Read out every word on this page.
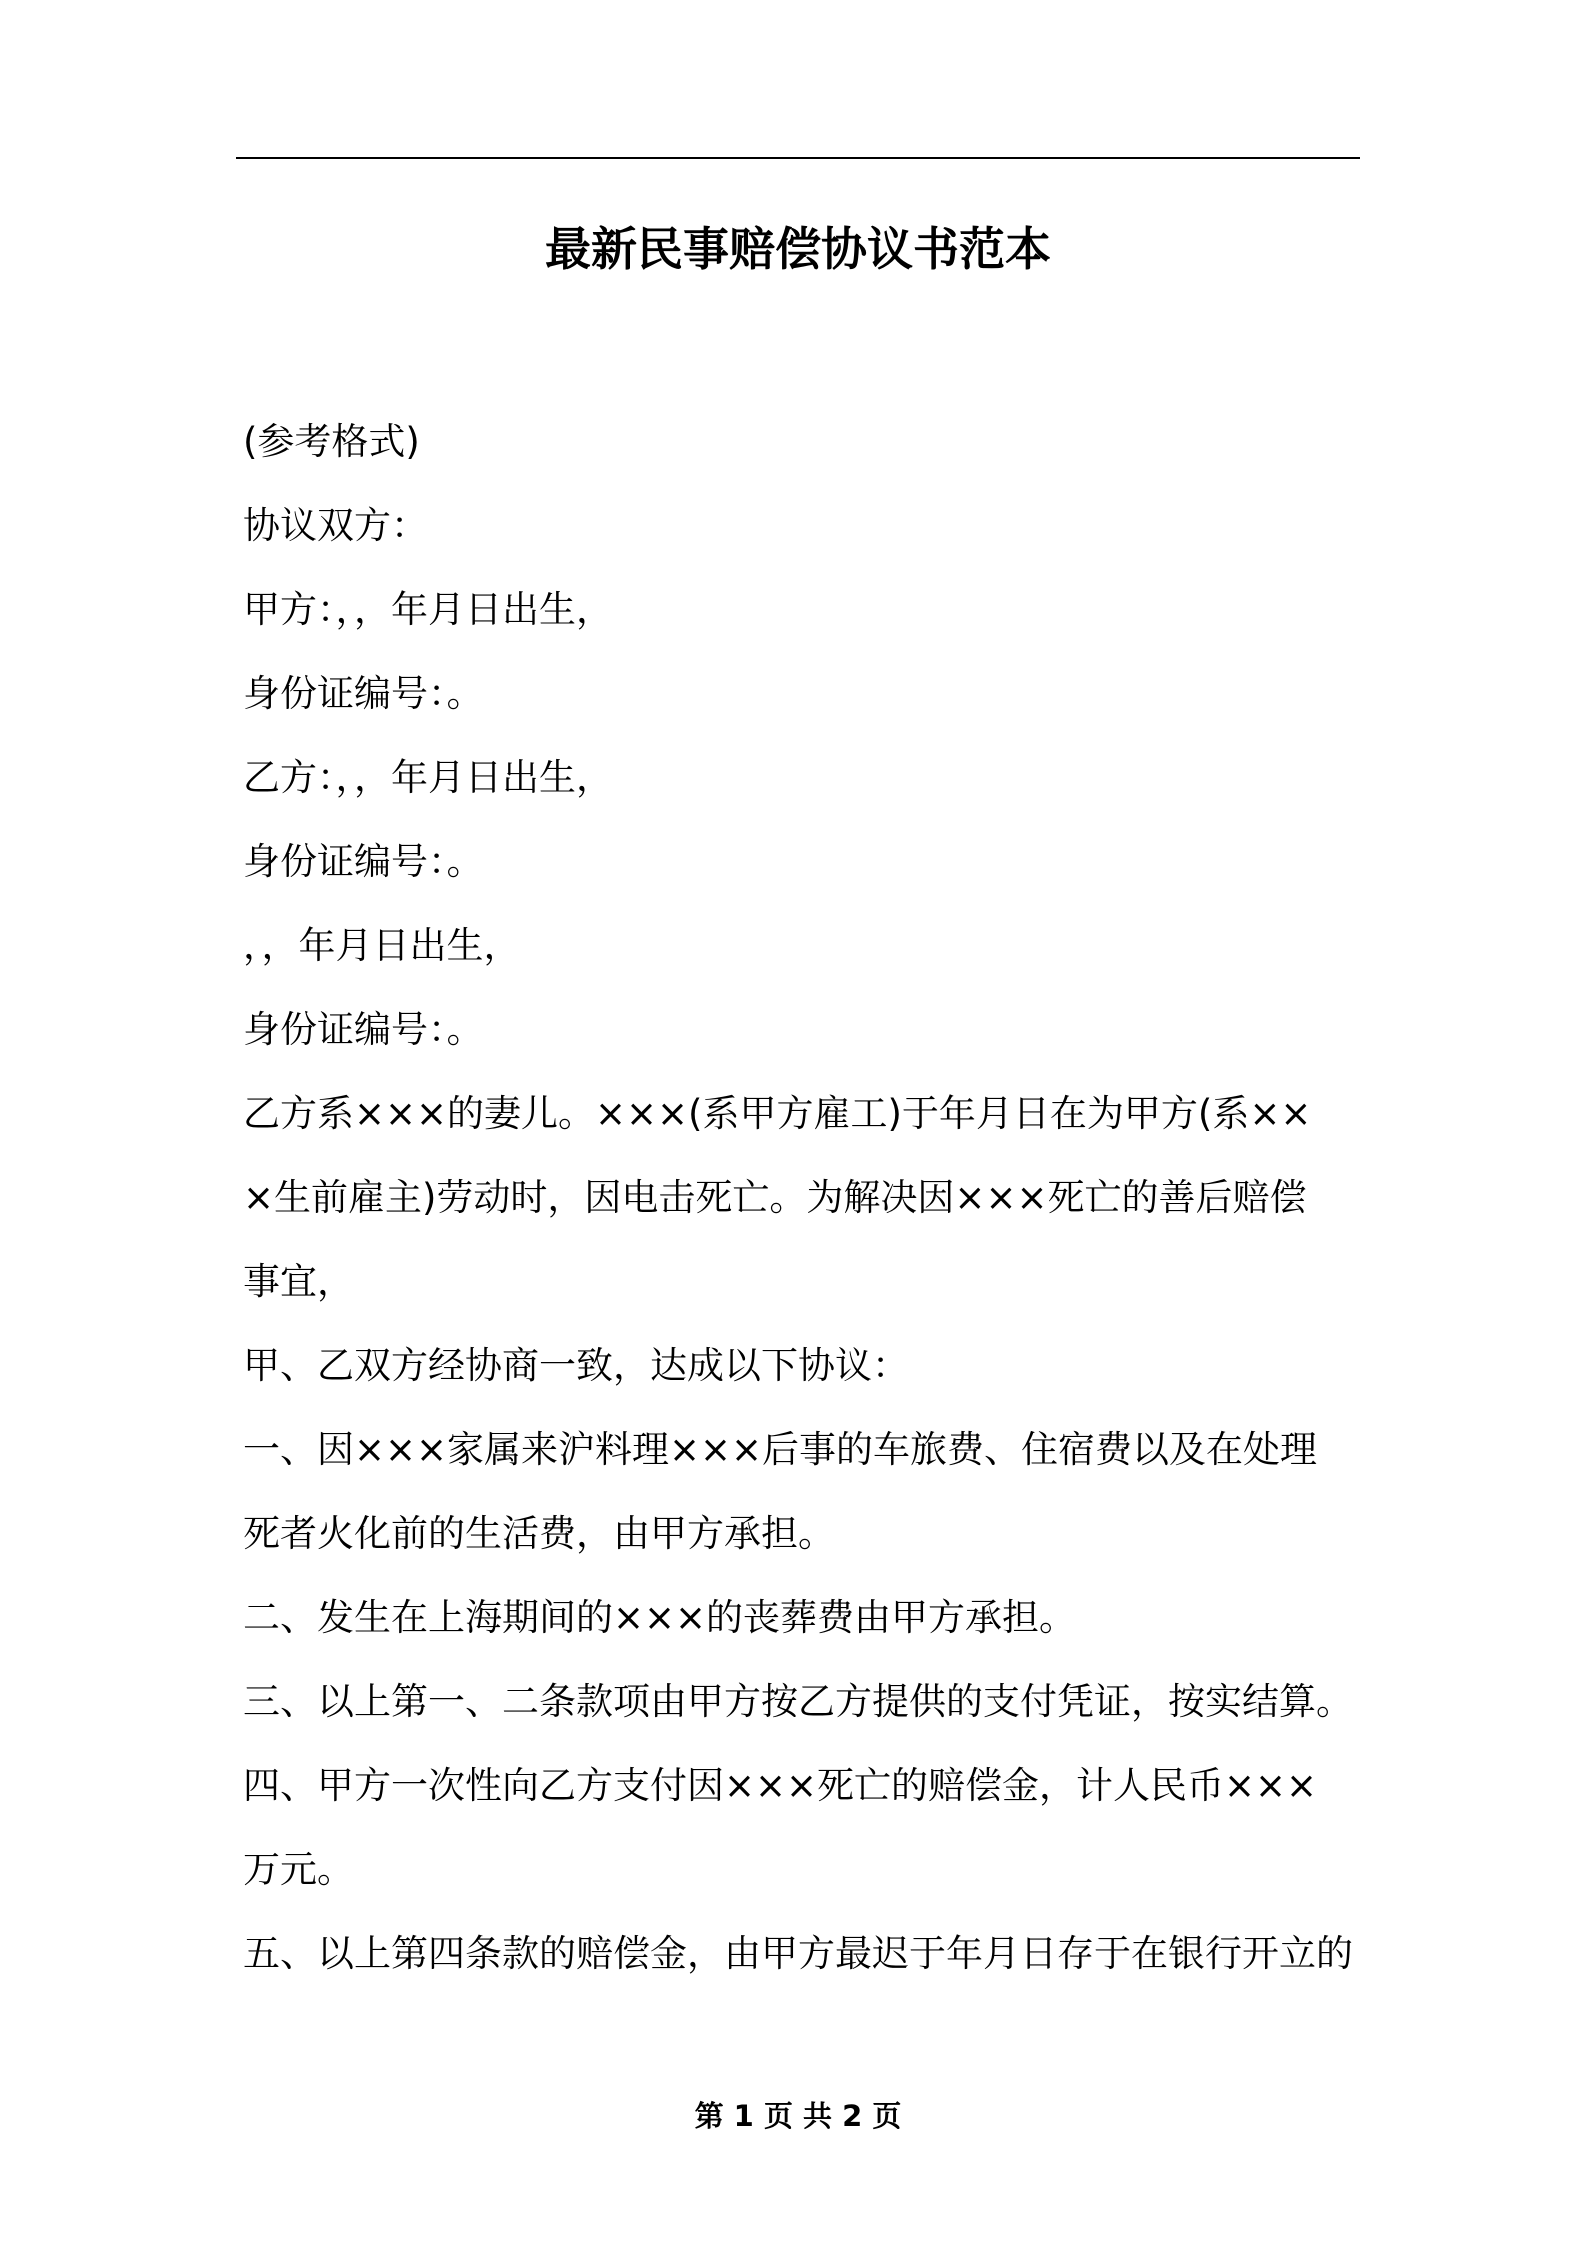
最新民事赔偿协议书范本
(参考格式)
协议双方：
甲方：，，年月日出生，
身份证编号：。
乙方：，，年月日出生，
身份证编号：。
，，年月日出生，
身份证编号：。
乙方系×××的妻儿。×××(系甲方雇工)于年月日在为甲方(系××
×生前雇主)劳动时，因电击死亡。为解决因×××死亡的善后赔偿
事宜，
甲、乙双方经协商一致，达成以下协议：
一、因×××家属来沪料理×××后事的车旅费、住宿费以及在处理
死者火化前的生活费，由甲方承担。
二、发生在上海期间的×××的丧葬费由甲方承担。
三、以上第一、二条款项由甲方按乙方提供的支付凭证，按实结算。
四、甲方一次性向乙方支付因×××死亡的赔偿金，计人民币×××
万元。
五、以上第四条款的赔偿金，由甲方最迟于年月日存于在银行开立的
第 1 页 共 2 页
